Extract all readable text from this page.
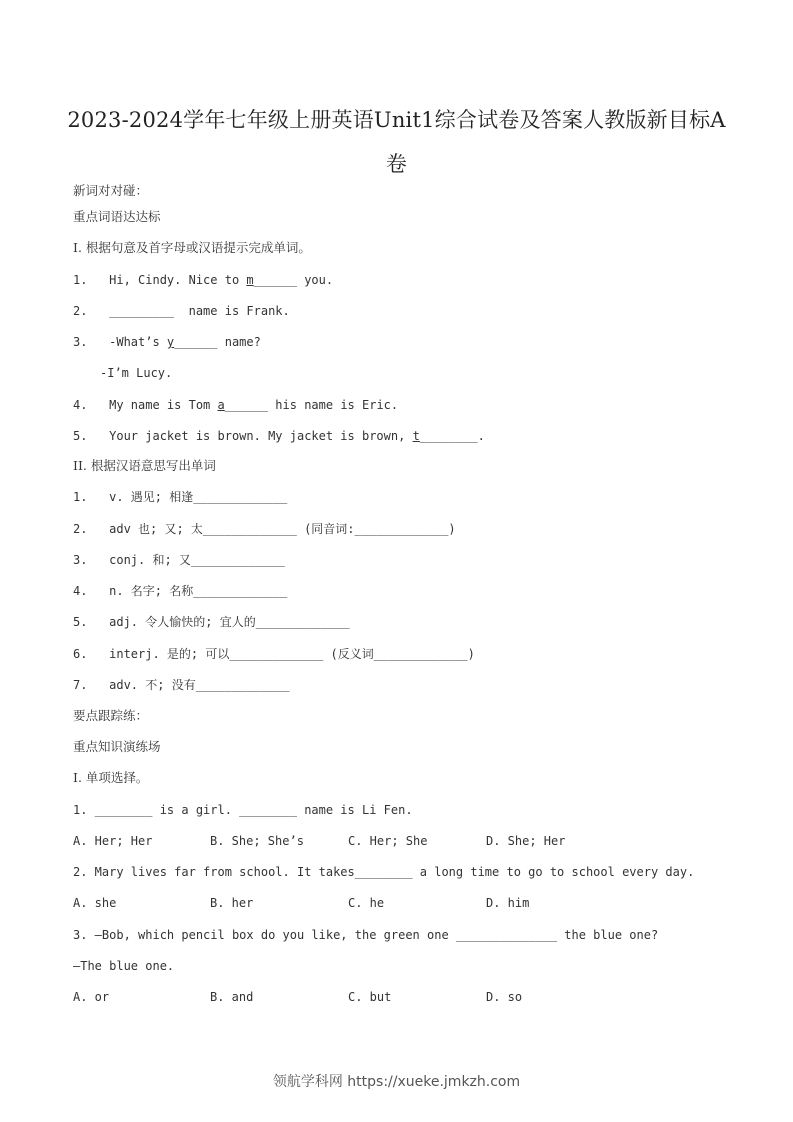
2023-2024学年七年级上册英语Unit1综合试卷及答案人教版新目标A
卷
新词对对碰：
重点词语达达标
I. 根据句意及首字母或汉语提示完成单词。
1.   Hi, Cindy. Nice to m______ you.
2.   _________  name is Frank.
3.   -What’s y______ name?
-I’m Lucy.
4.   My name is Tom a______ his name is Eric.
5.   Your jacket is brown. My jacket is brown, t________.
II. 根据汉语意思写出单词
1.   v. 遇见; 相逢_____________
2.   adv 也; 又; 太_____________ (同音词:_____________)
3.   conj. 和; 又_____________
4.   n. 名字; 名称_____________
5.   adj. 令人愉快的; 宜人的_____________
6.   interj. 是的; 可以_____________ (反义词_____________)
7.   adv. 不; 没有_____________
要点跟踪练：
重点知识演练场
I. 单项选择。
1. ________ is a girl. ________ name is Li Fen.
A. Her; Her	B. She; She’s	C. Her; She	D. She; Her
2. Mary lives far from school. It takes________ a long time to go to school every day.
A. she	B. her	C. he	D. him
3. —Bob, which pencil box do you like, the green one ______________ the blue one?
—The blue one.
A. or	B. and	C. but	D. so
领航学科网 https://xueke.jmkzh.com
